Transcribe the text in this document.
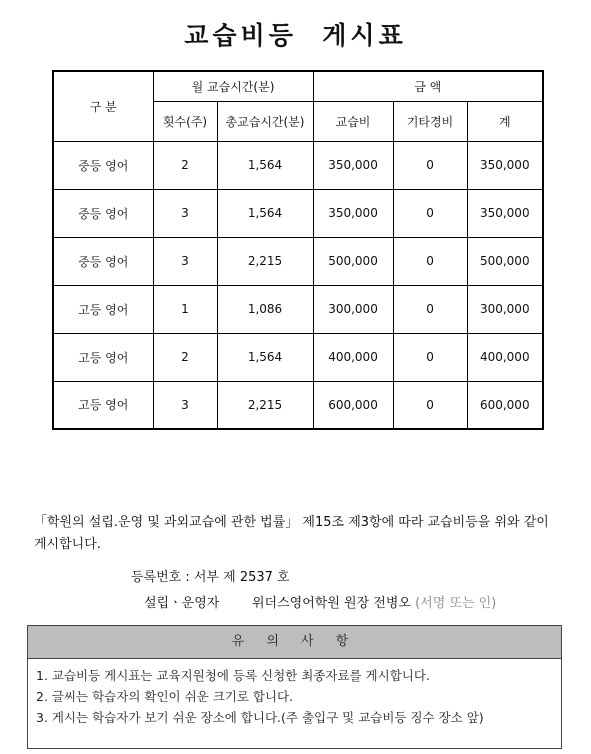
교습비등  게시표
구 분	월 교습시간(분)		금 액		
	횟수(주)	총교습시간(분)	교습비	기타경비	계
중등 영어	2	1,564	350,000	0	350,000
중등 영어	3	1,564	350,000	0	350,000
중등 영어	3	2,215	500,000	0	500,000
고등 영어	1	1,086	300,000	0	300,000
고등 영어	2	1,564	400,000	0	400,000
고등 영어	3	2,215	600,000	0	600,000
「학원의 설립.운영 및 과외교습에 관한 법률」 제15조 제3항에 따라 교습비등을 위와 같이 게시합니다.
등록번호 : 서부 제 2537 호
설립ㆍ운영자	위더스영어학원 원장 전병오 (서명 또는 인)
유 의 사 항
1. 교습비등 게시표는 교육지원청에 등록 신청한 최종자료를 게시합니다.
2. 글씨는 학습자의 확인이 쉬운 크기로 합니다.
3. 게시는 학습자가 보기 쉬운 장소에 합니다.(주 출입구 및 교습비등 징수 장소 앞)
